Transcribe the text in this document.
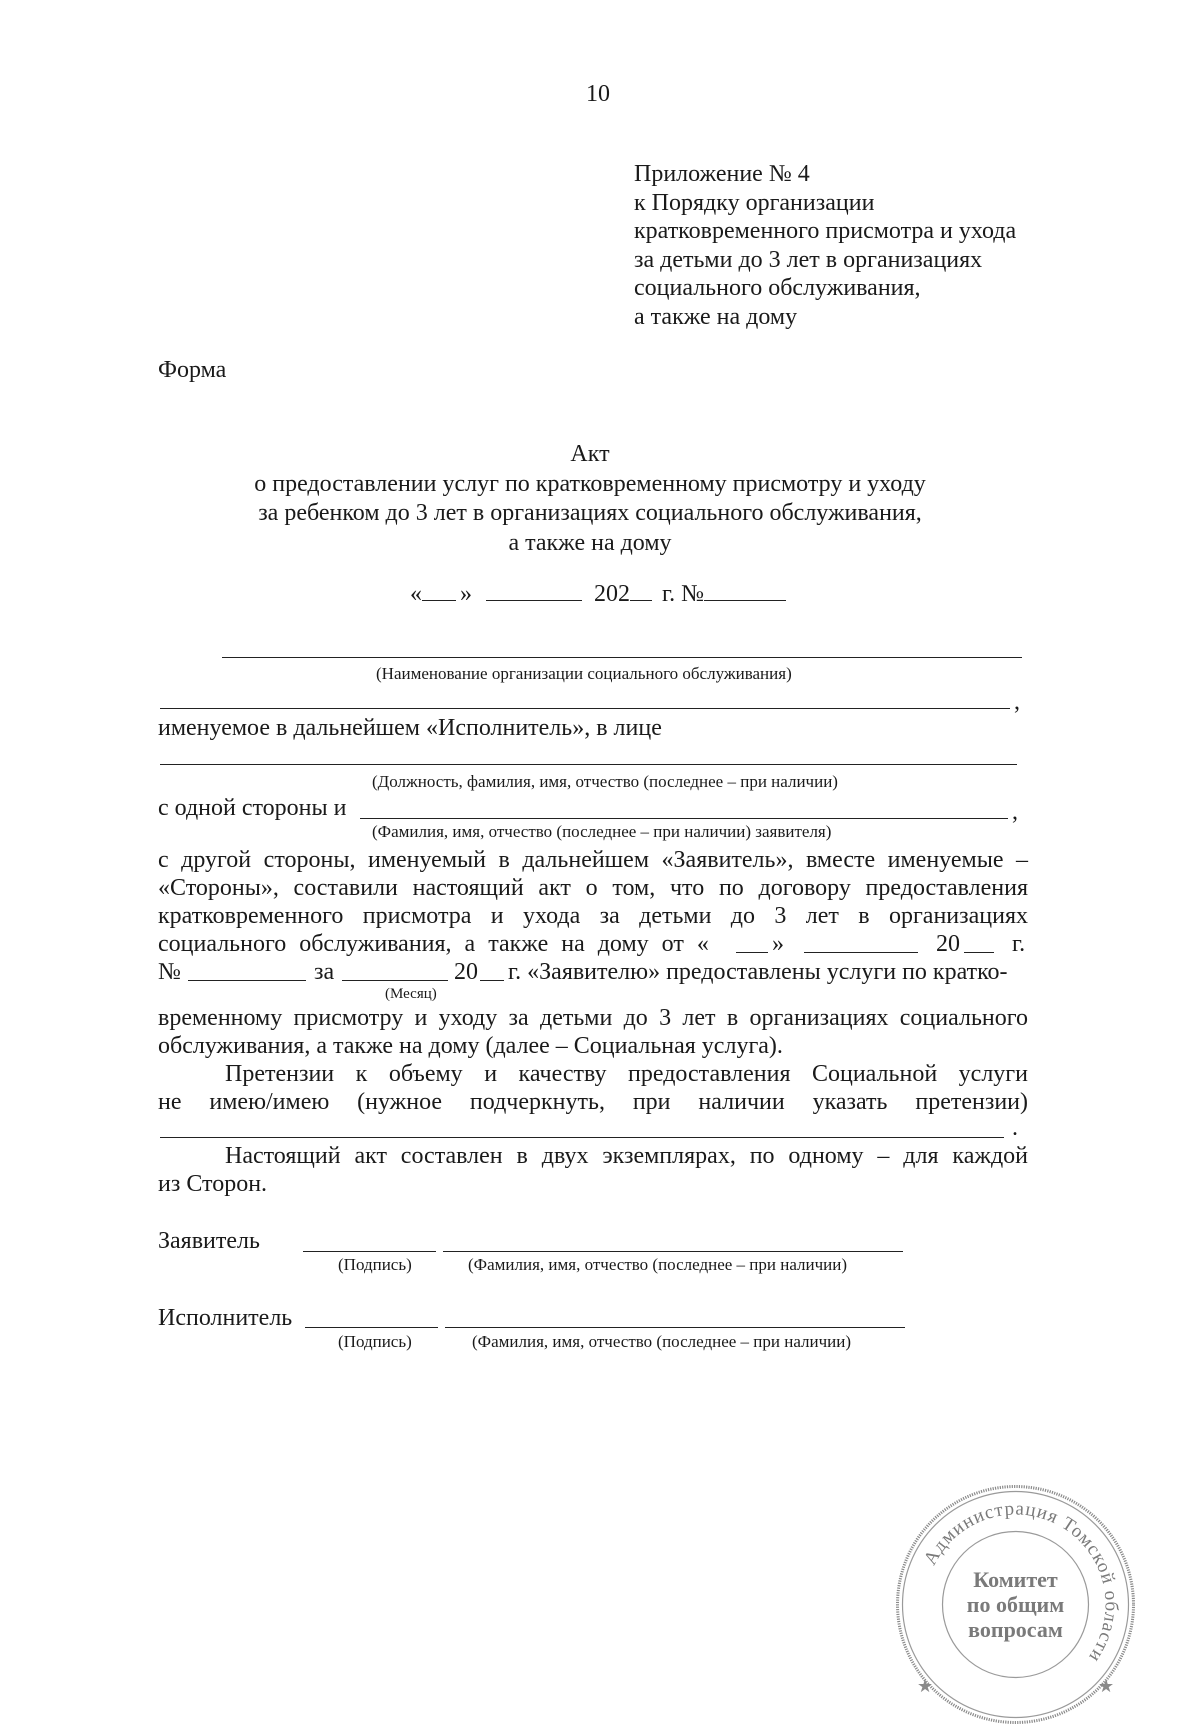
10
Приложение № 4
к Порядку организации
кратковременного присмотра и ухода
за детьми до 3 лет в организациях
социального обслуживания,
а также на дому
Форма
Акт
о предоставлении услуг по кратковременному присмотру и уходу
за ребенком до 3 лет в организациях социального обслуживания,
а также на дому
« »	202 г. №
(Наименование организации социального обслуживания)
,
именуемое в дальнейшем «Исполнитель», в лице
(Должность, фамилия, имя, отчество (последнее – при наличии)
с одной стороны и	,
(Фамилия, имя, отчество (последнее – при наличии) заявителя)
с другой стороны, именуемый в дальнейшем «Заявитель», вместе именуемые –
«Стороны», составили настоящий акт о том, что по договору предоставления
кратковременного присмотра и ухода за детьми до 3 лет в организациях
социального обслуживания, а также на дому от «	»	20 г.
№	за	20 г. «Заявителю» предоставлены услуги по кратко-
(Месяц)
временному присмотру и уходу за детьми до 3 лет в организациях социального
обслуживания, а также на дому (далее – Социальная услуга).
Претензии к объему и качеству предоставления Социальной услуги
не имею/имею (нужное подчеркнуть, при наличии указать претензии)
.
Настоящий акт составлен в двух экземплярах, по одному – для каждой
из Сторон.
Заявитель
(Подпись)	(Фамилия, имя, отчество (последнее – при наличии)
Исполнитель
(Подпись)	(Фамилия, имя, отчество (последнее – при наличии)
Администрация Томской области
Комитет
по общим
вопросам
★	★
